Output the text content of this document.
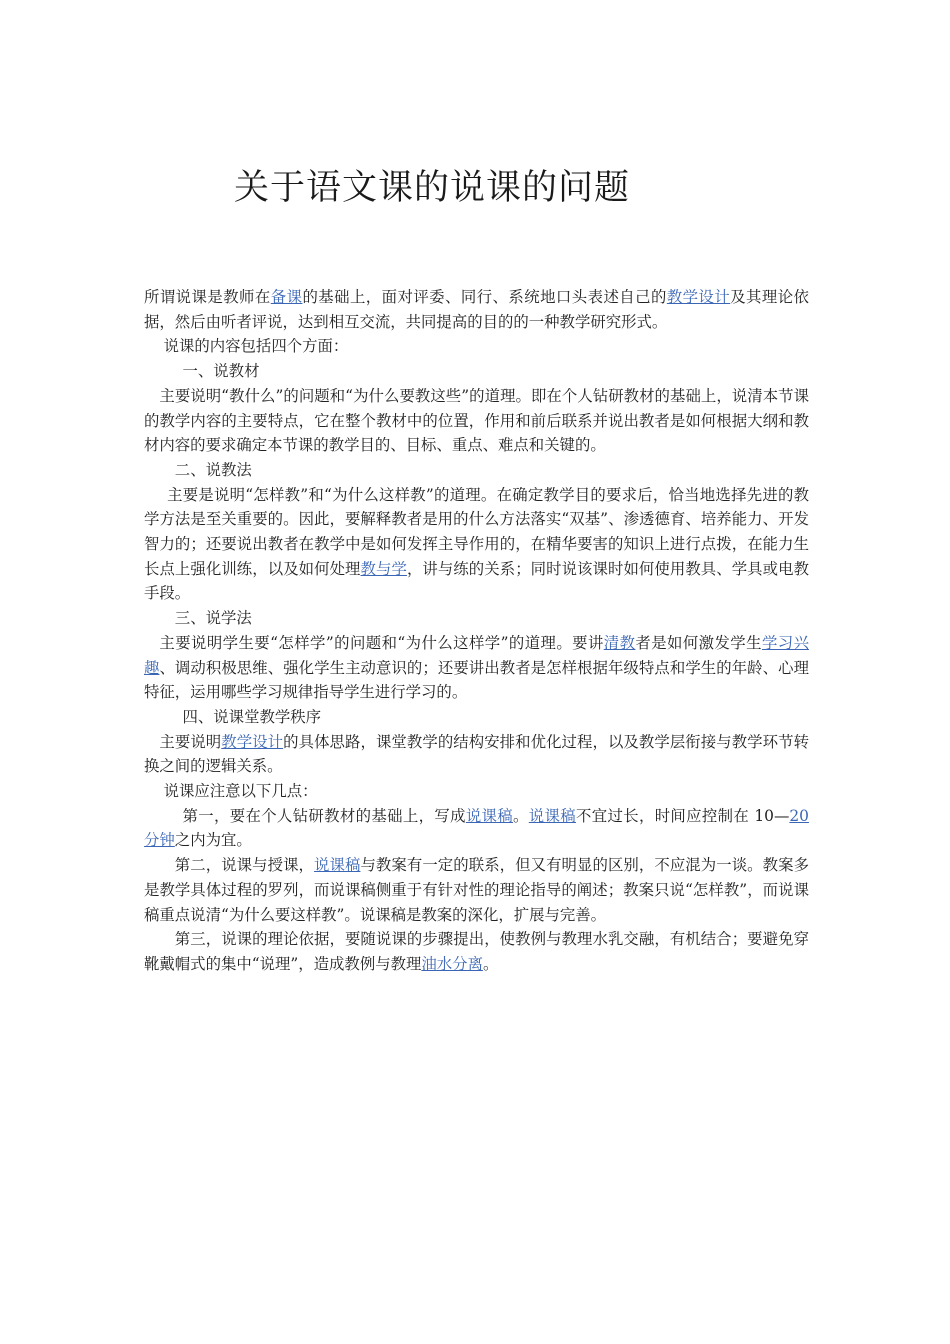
关于语文课的说课的问题

所谓说课是教师在备课的基础上，面对评委、同行、系统地口头表述自己的教学设计及其理论依据，然后由听者评说，达到相互交流，共同提高的目的的一种教学研究形式。

说课的内容包括四个方面：

一、说教材

主要说明“教什么”的问题和“为什么要教这些”的道理。即在个人钻研教材的基础上，说清本节课的教学内容的主要特点，它在整个教材中的位置，作用和前后联系并说出教者是如何根据大纲和教材内容的要求确定本节课的教学目的、目标、重点、难点和关键的。

二、说教法

主要是说明“怎样教”和“为什么这样教”的道理。在确定教学目的要求后，恰当地选择先进的教学方法是至关重要的。因此，要解释教者是用的什么方法落实“双基”、渗透德育、培养能力、开发智力的；还要说出教者在教学中是如何发挥主导作用的，在精华要害的知识上进行点拨，在能力生长点上强化训练，以及如何处理教与学，讲与练的关系；同时说该课时如何使用教具、学具或电教手段。

三、说学法

主要说明学生要“怎样学”的问题和“为什么这样学”的道理。要讲清教者是如何激发学生学习兴趣、调动积极思维、强化学生主动意识的；还要讲出教者是怎样根据年级特点和学生的年龄、心理特征，运用哪些学习规律指导学生进行学习的。

四、说课堂教学秩序

主要说明教学设计的具体思路，课堂教学的结构安排和优化过程，以及教学层衔接与教学环节转换之间的逻辑关系。

说课应注意以下几点：

第一，要在个人钻研教材的基础上，写成说课稿。说课稿不宜过长，时间应控制在 10—20 分钟之内为宜。

第二，说课与授课，说课稿与教案有一定的联系，但又有明显的区别，不应混为一谈。教案多是教学具体过程的罗列，而说课稿侧重于有针对性的理论指导的阐述；教案只说“怎样教”，而说课稿重点说清“为什么要这样教”。说课稿是教案的深化，扩展与完善。

第三，说课的理论依据，要随说课的步骤提出，使教例与教理水乳交融，有机结合；要避免穿靴戴帽式的集中“说理”，造成教例与教理油水分离。
